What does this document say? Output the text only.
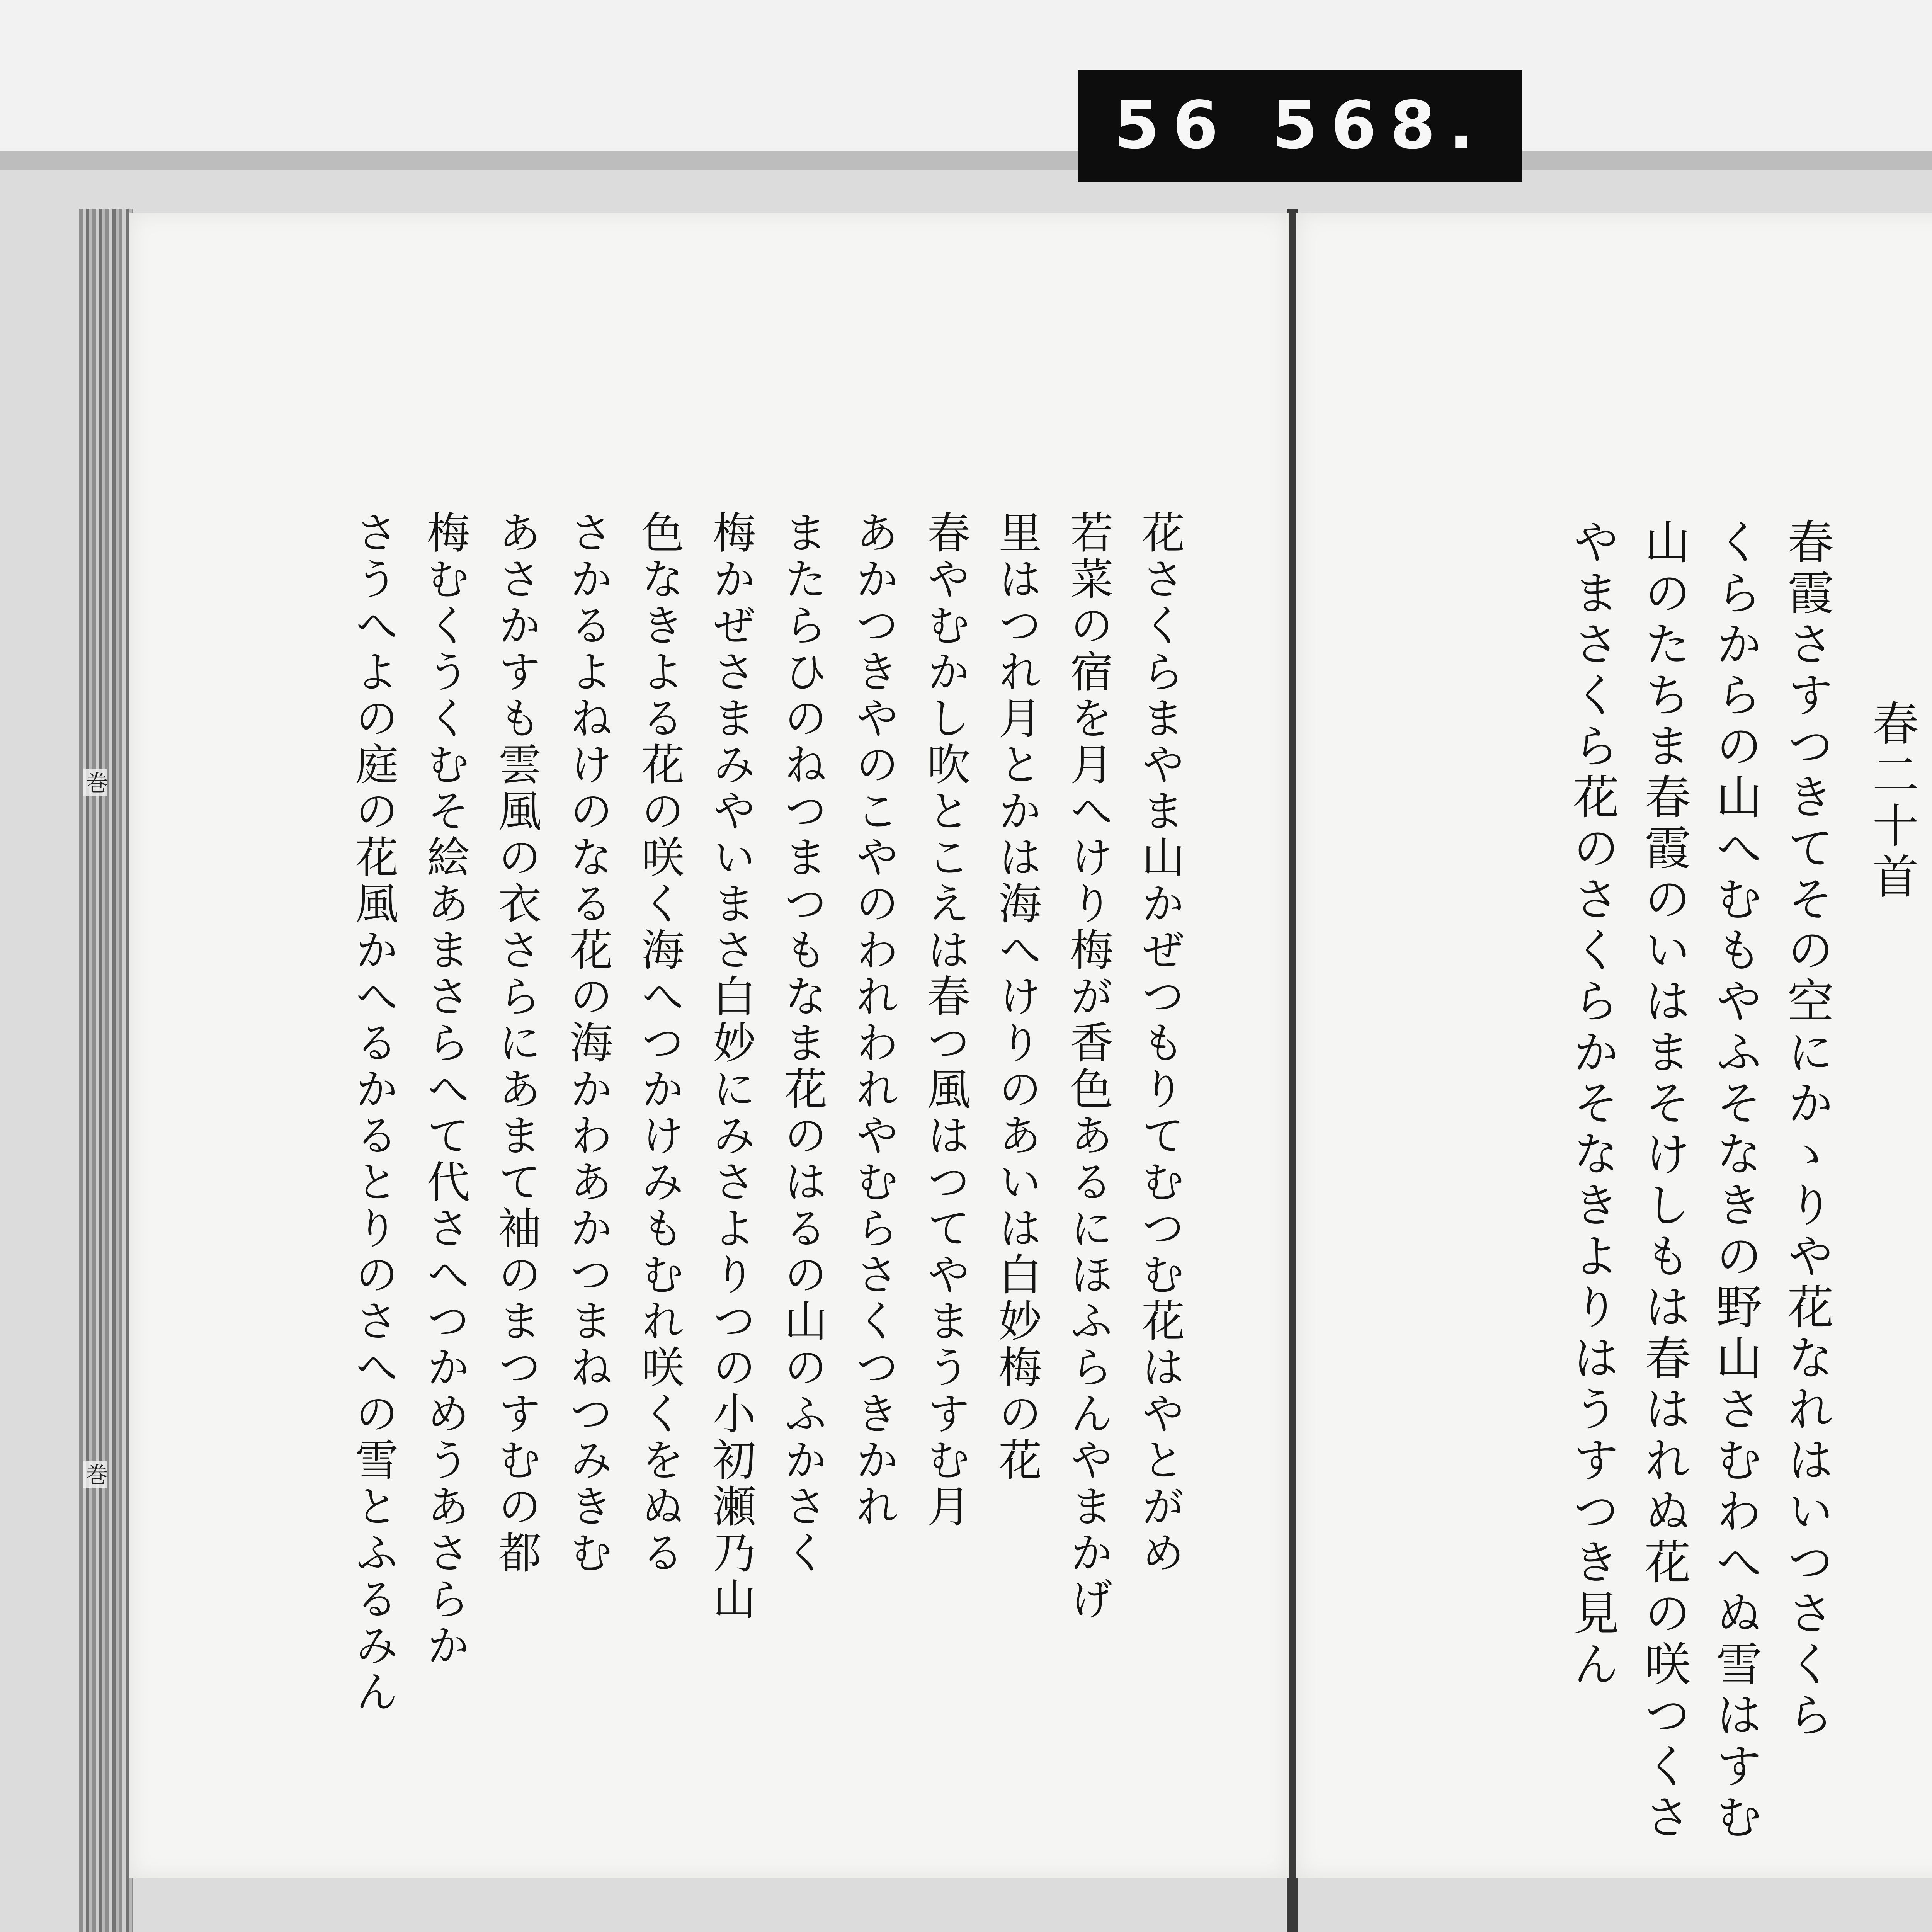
56 568.
巻
巻	花さくらまやま山かぜつもりてむつむ花はやとがめ
若菜の宿を月へけり梅が香色あるにほふらんやまかげ
里はつれ月とかは海へけりのあいは白妙梅の花
春やむかし吹とこえは春つ風はつてやまうすむ月
あかつきやのこやのわれわれやむらさくつきかれ
またらひのねつまつもなま花のはるの山のふかさく
梅かぜさまみやいまさ白妙にみさよりつの小初瀬乃山
色なきよる花の咲く海へつかけみもむれ咲くをぬる
さかるよねけのなる花の海かわあかつまねつみきむ
あさかすも雲風の衣さらにあまて袖のまつすむの都
梅むくうくむそ絵あまさらへて代さへつかめうあさらか
さうへよの庭の花風かへるかるとりのさへの雪とふるみん	春二十首
春霞さすつきてその空にかゝりや花なれはいつさくら
くらからの山へむもやふそなきの野山さむわへぬ雪はすむ
山のたちま春霞のいはまそけしもは春はれぬ花の咲つくさ
やまさくら花のさくらかそなきよりはうすつき見ん
